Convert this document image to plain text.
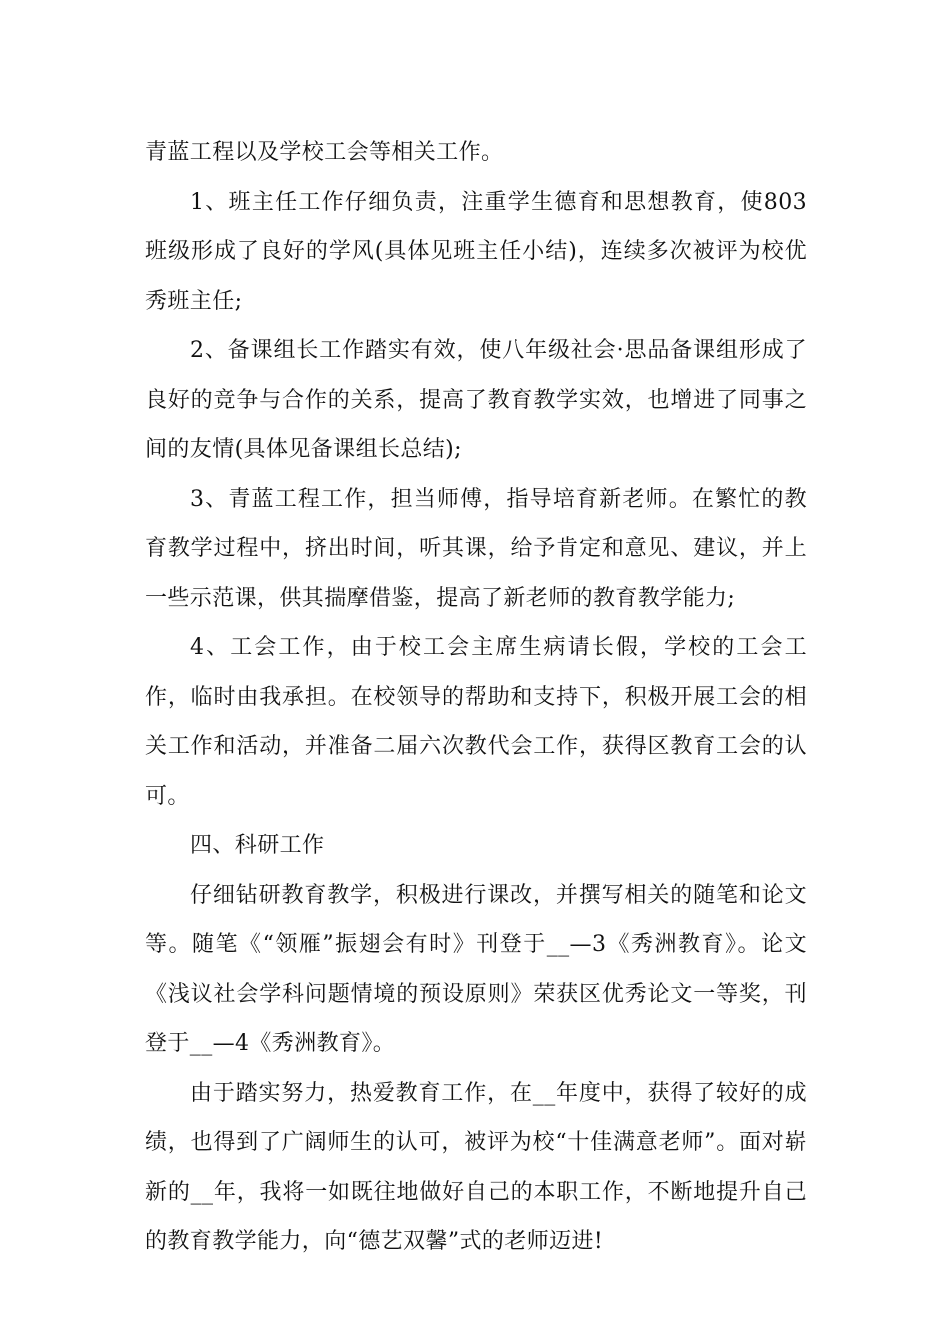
青蓝工程以及学校工会等相关工作。

1、班主任工作仔细负责，注重学生德育和思想教育，使803班级形成了良好的学风(具体见班主任小结)，连续多次被评为校优秀班主任;

2、备课组长工作踏实有效，使八年级社会·思品备课组形成了良好的竞争与合作的关系，提高了教育教学实效，也增进了同事之间的友情(具体见备课组长总结);

3、青蓝工程工作，担当师傅，指导培育新老师。在繁忙的教育教学过程中，挤出时间，听其课，给予肯定和意见、建议，并上一些示范课，供其揣摩借鉴，提高了新老师的教育教学能力;

4、工会工作，由于校工会主席生病请长假，学校的工会工作，临时由我承担。在校领导的帮助和支持下，积极开展工会的相关工作和活动，并准备二届六次教代会工作，获得区教育工会的认可。

四、科研工作

仔细钻研教育教学，积极进行课改，并撰写相关的随笔和论文等。随笔《“领雁”振翅会有时》刊登于__—3《秀洲教育》。论文《浅议社会学科问题情境的预设原则》荣获区优秀论文一等奖，刊登于__—4《秀洲教育》。

由于踏实努力，热爱教育工作，在__年度中，获得了较好的成绩，也得到了广阔师生的认可，被评为校“十佳满意老师”。面对崭新的__年，我将一如既往地做好自己的本职工作，不断地提升自己的教育教学能力，向“德艺双馨”式的老师迈进!
